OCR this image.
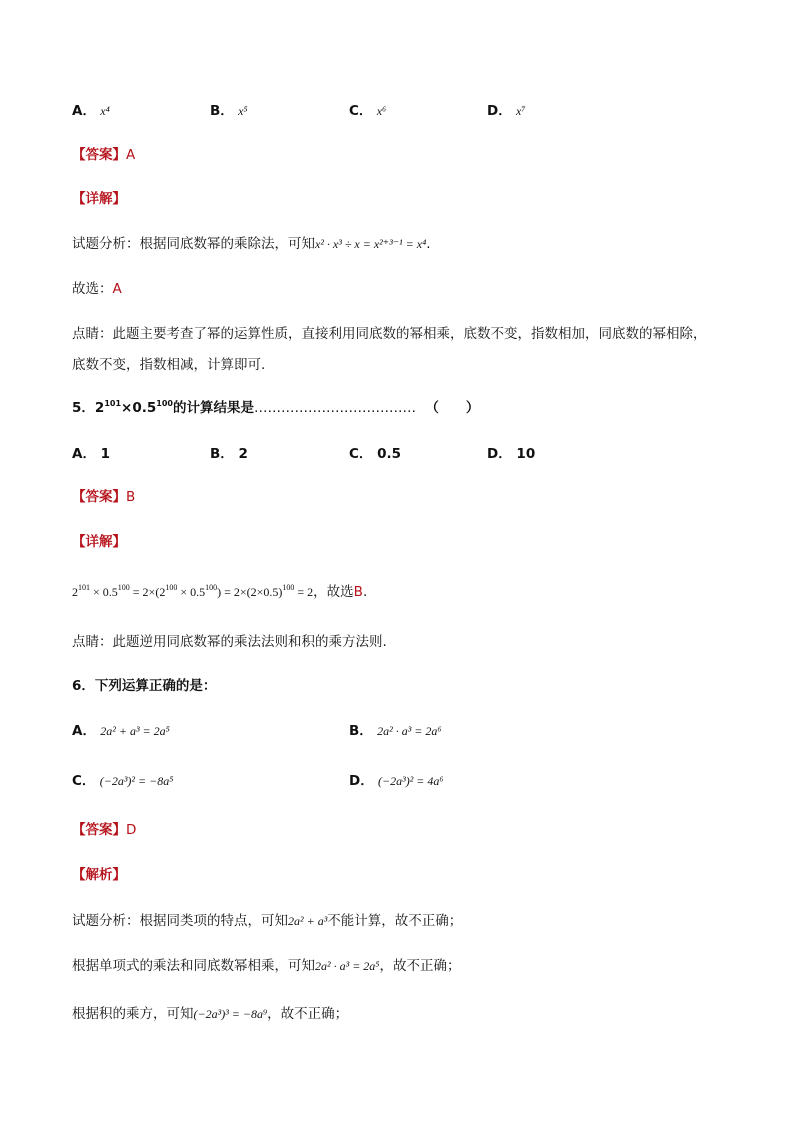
A． x⁴	B． x⁵	C． x⁶	D． x⁷
【答案】A
【详解】
试题分析：根据同底数幂的乘除法，可知x² · x³ ÷ x = x²⁺³⁻¹ = x⁴.
故选：A
点睛：此题主要考查了幂的运算性质，直接利用同底数的幂相乘，底数不变，指数相加，同底数的幂相除，
底数不变，指数相减，计算即可.
5．$2^{101}\times 0.5^{100}$的计算结果是……………………………… （　　）
A． 1	B． 2	C． 0.5	D． 10
【答案】B
【详解】
$2^{101} \times 0.5^{100} = 2\times(2^{100} \times 0.5^{100}) = 2\times(2\times 0.5)^{100} = 2$，故选B.
点睛：此题逆用同底数幂的乘法法则和积的乘方法则.
6．下列运算正确的是：
A． 2a² + a³ = 2a⁵	B． 2a² · a³ = 2a⁶
C． (−2a³)² = −8a⁵	D． (−2a³)² = 4a⁶
【答案】D
【解析】
试题分析：根据同类项的特点，可知2a² + a³不能计算，故不正确；
根据单项式的乘法和同底数幂相乘，可知2a² · a³ = 2a⁵，故不正确；
根据积的乘方，可知(−2a³)³ = −8a⁹，故不正确；
